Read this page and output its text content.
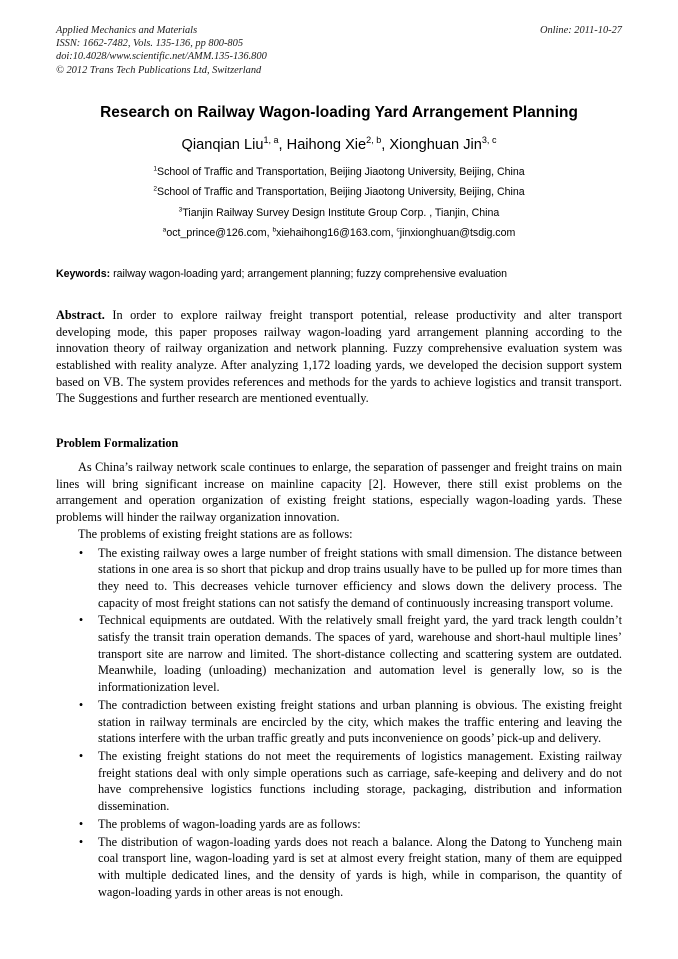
Online: 2011-10-27
Applied Mechanics and Materials
ISSN: 1662-7482, Vols. 135-136, pp 800-805
doi:10.4028/www.scientific.net/AMM.135-136.800
© 2012 Trans Tech Publications Ltd, Switzerland
Research on Railway Wagon-loading Yard Arrangement Planning
Qianqian Liu$^{1, a}$, Haihong Xie$^{2, b}$, Xionghuan Jin$^{3, c}$
$^1$School of Traffic and Transportation, Beijing Jiaotong University, Beijing, China
$^2$School of Traffic and Transportation, Beijing Jiaotong University, Beijing, China
$^3$Tianjin Railway Survey Design Institute Group Corp. , Tianjin, China
$^a$oct_prince@126.com, $^b$xiehaihong16@163.com, $^c$jinxionghuan@tsdig.com
Keywords: railway wagon-loading yard; arrangement planning; fuzzy comprehensive evaluation
Abstract. In order to explore railway freight transport potential, release productivity and alter transport developing mode, this paper proposes railway wagon-loading yard arrangement planning according to the innovation theory of railway organization and network planning. Fuzzy comprehensive evaluation system was established with reality analyze. After analyzing 1,172 loading yards, we developed the decision support system based on VB. The system provides references and methods for the yards to achieve logistics and transit transport. The Suggestions and further research are mentioned eventually.
Problem Formalization
As China’s railway network scale continues to enlarge, the separation of passenger and freight trains on main lines will bring significant increase on mainline capacity [2]. However, there still exist problems on the arrangement and operation organization of existing freight stations, especially wagon-loading yards. These problems will hinder the railway organization innovation.
The problems of existing freight stations are as follows:
• The existing railway owes a large number of freight stations with small dimension. The distance between stations in one area is so short that pickup and drop trains usually have to be pulled up for more times than they need to. This decreases vehicle turnover efficiency and slows down the delivery process. The capacity of most freight stations can not satisfy the demand of continuously increasing transport volume.
• Technical equipments are outdated. With the relatively small freight yard, the yard track length couldn’t satisfy the transit train operation demands. The spaces of yard, warehouse and short-haul multiple lines’ transport site are narrow and limited. The short-distance collecting and scattering system are outdated. Meanwhile, loading (unloading) mechanization and automation level is generally low, so is the informationization level.
• The contradiction between existing freight stations and urban planning is obvious. The existing freight station in railway terminals are encircled by the city, which makes the traffic entering and leaving the stations interfere with the urban traffic greatly and puts inconvenience on goods’ pick-up and delivery.
• The existing freight stations do not meet the requirements of logistics management. Existing railway freight stations deal with only simple operations such as carriage, safe-keeping and delivery and do not have comprehensive logistics functions including storage, packaging, distribution and information dissemination.
• The problems of wagon-loading yards are as follows:
• The distribution of wagon-loading yards does not reach a balance. Along the Datong to Yuncheng main coal transport line, wagon-loading yard is set at almost every freight station, many of them are equipped with multiple dedicated lines, and the density of yards is high, while in comparison, the quantity of wagon-loading yards in other areas is not enough.
